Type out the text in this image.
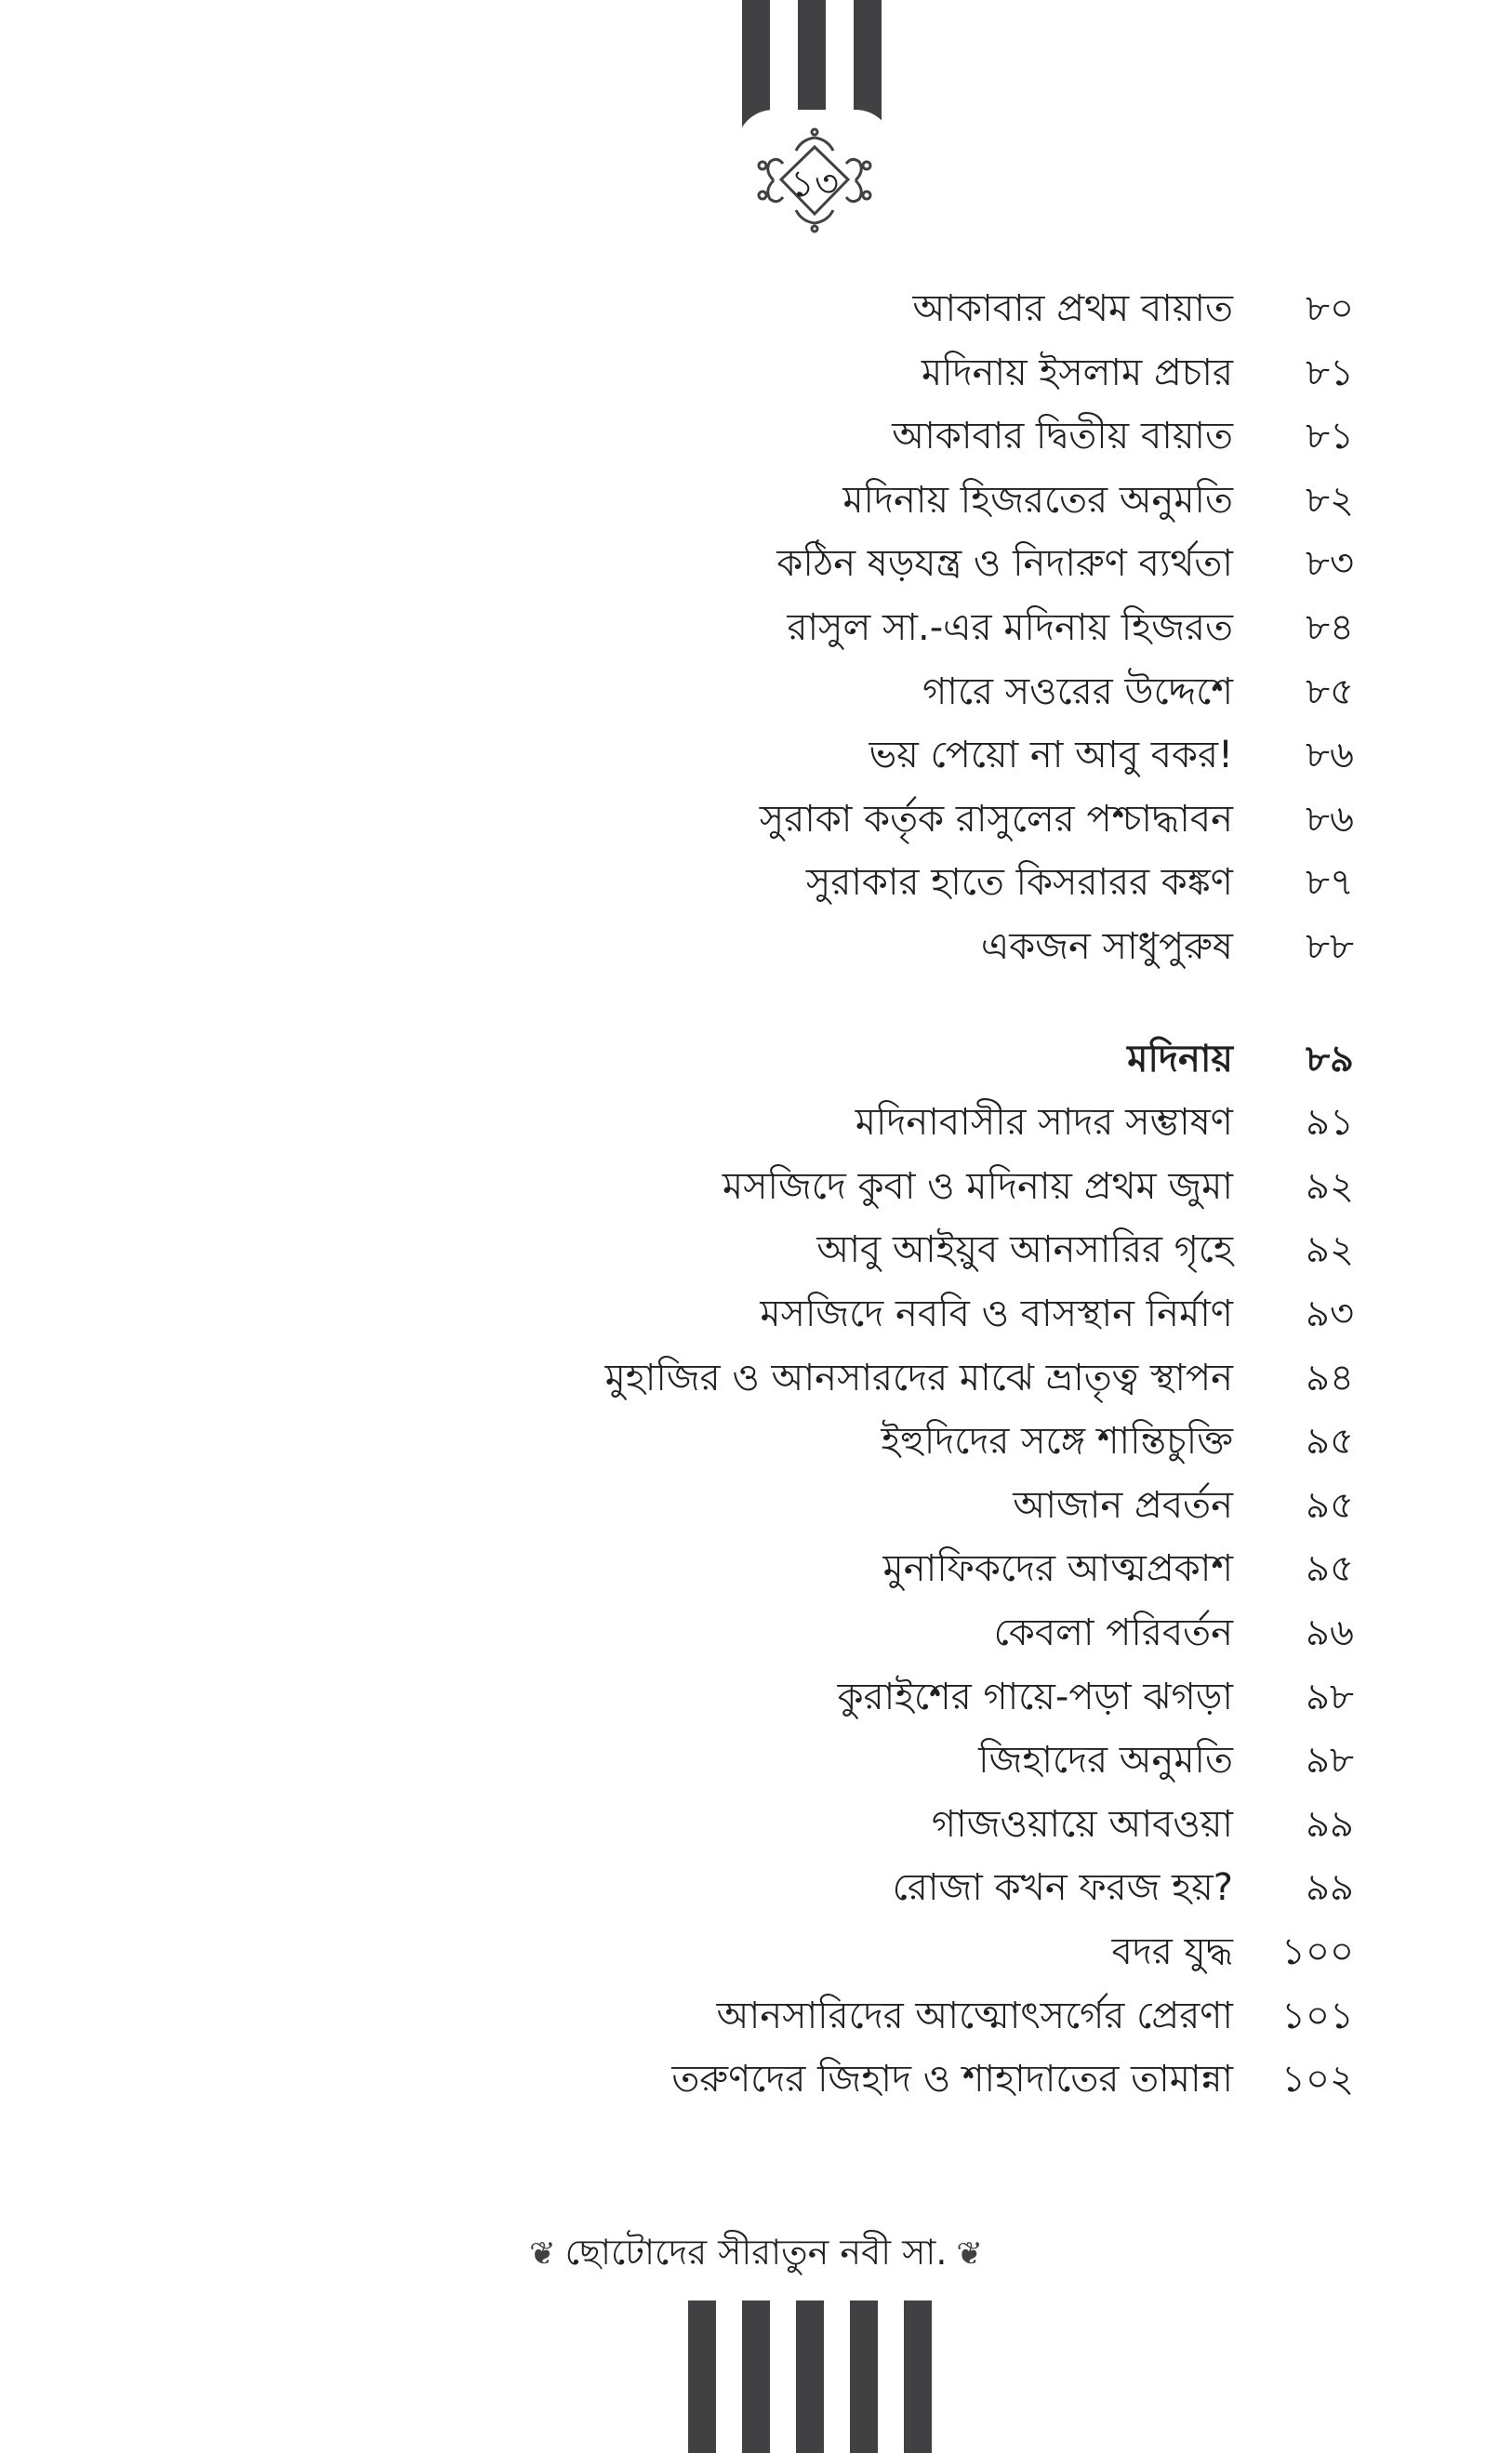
১৩
আকাবার প্রথম বায়াত ৮০
মদিনায় ইসলাম প্রচার ৮১
আকাবার দ্বিতীয় বায়াত ৮১
মদিনায় হিজরতের অনুমতি ৮২
কঠিন ষড়যন্ত্র ও নিদারুণ ব্যর্থতা ৮৩
রাসুল সা.-এর মদিনায় হিজরত ৮৪
গারে সওরের উদ্দেশে ৮৫
ভয় পেয়ো না আবু বকর! ৮৬
সুরাকা কর্তৃক রাসুলের পশ্চাদ্ধাবন ৮৬
সুরাকার হাতে কিসরারর কঙ্কণ ৮৭
একজন সাধুপুরুষ ৮৮
মদিনায় ৮৯
মদিনাবাসীর সাদর সম্ভাষণ ৯১
মসজিদে কুবা ও মদিনায় প্রথম জুমা ৯২
আবু আইয়ুব আনসারির গৃহে ৯২
মসজিদে নববি ও বাসস্থান নির্মাণ ৯৩
মুহাজির ও আনসারদের মাঝে ভ্রাতৃত্ব স্থাপন ৯৪
ইহুদিদের সঙ্গে শান্তিচুক্তি ৯৫
আজান প্রবর্তন ৯৫
মুনাফিকদের আত্মপ্রকাশ ৯৫
কেবলা পরিবর্তন ৯৬
কুরাইশের গায়ে-পড়া ঝগড়া ৯৮
জিহাদের অনুমতি ৯৮
গাজওয়ায়ে আবওয়া ৯৯
রোজা কখন ফরজ হয়? ৯৯
বদর যুদ্ধ ১০০
আনসারিদের আত্মোৎসর্গের প্রেরণা ১০১
তরুণদের জিহাদ ও শাহাদাতের তামান্না ১০২
❦ ছোটোদের সীরাতুন নবী সা. ❦
